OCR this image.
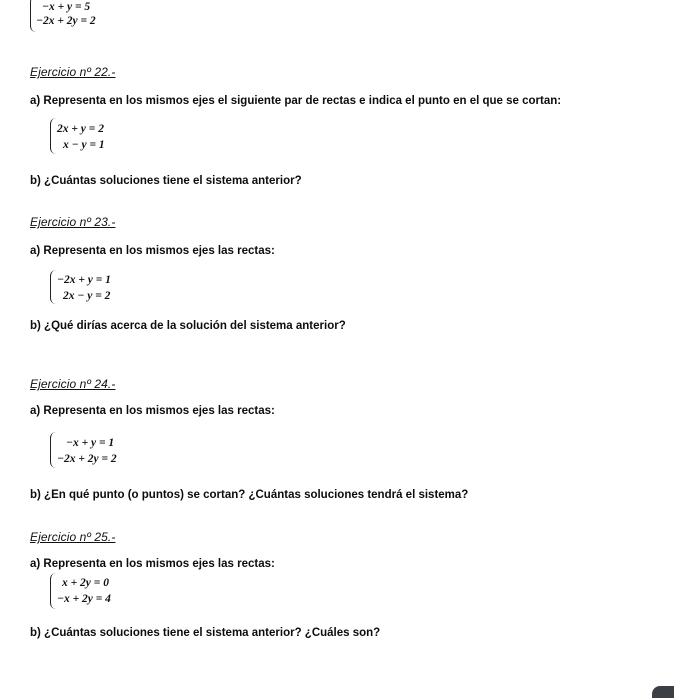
−x + y = 5
−2x + 2y = 2
Ejercicio nº 22.-
a) Representa en los mismos ejes el siguiente par de rectas e indica el punto en el que se cortan:
2x + y = 2
x − y = 1
b) ¿Cuántas soluciones tiene el sistema anterior?
Ejercicio nº 23.-
a) Representa en los mismos ejes las rectas:
−2x + y = 1
2x − y = 2
b) ¿Qué dirías acerca de la solución del sistema anterior?
Ejercicio nº 24.-
a) Representa en los mismos ejes las rectas:
−x + y = 1
−2x + 2y = 2
b) ¿En qué punto (o puntos) se cortan? ¿Cuántas soluciones tendrá el sistema?
Ejercicio nº 25.-
a) Representa en los mismos ejes las rectas:
x + 2y = 0
−x + 2y = 4
b) ¿Cuántas soluciones tiene el sistema anterior? ¿Cuáles son?
